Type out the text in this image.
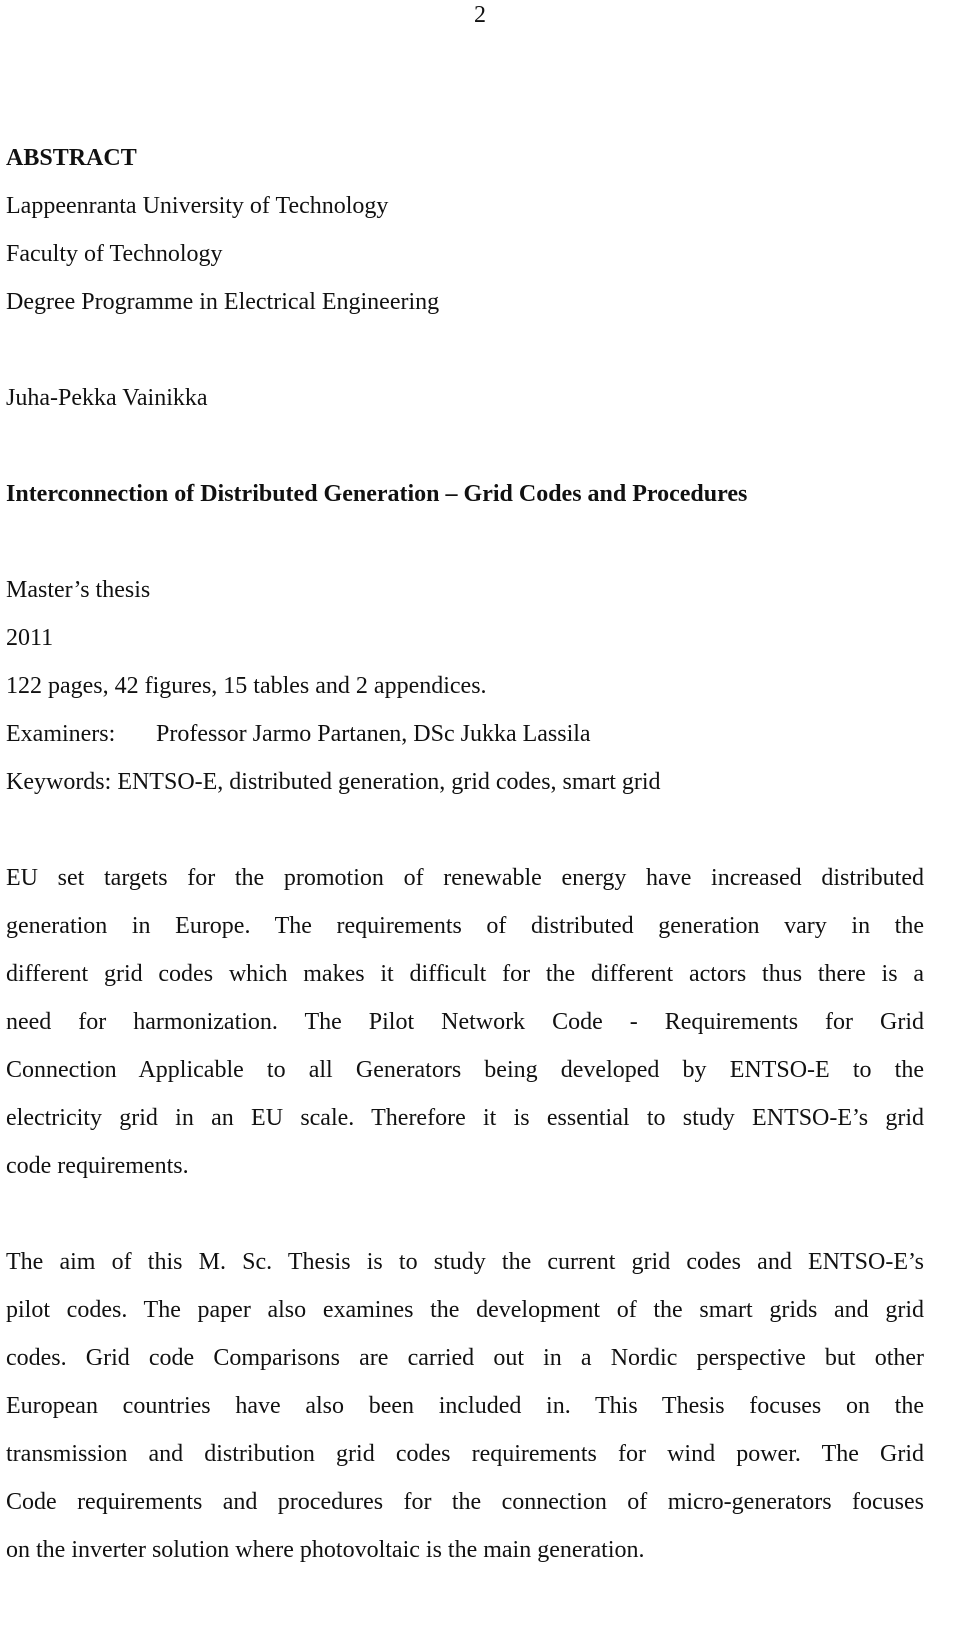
2
ABSTRACT
Lappeenranta University of Technology
Faculty of Technology
Degree Programme in Electrical Engineering
Juha-Pekka Vainikka
Interconnection of Distributed Generation – Grid Codes and Procedures
Master’s thesis
2011
122 pages, 42 figures, 15 tables and 2 appendices.
Examiners: Professor Jarmo Partanen, DSc Jukka Lassila
Keywords: ENTSO-E, distributed generation, grid codes, smart grid
EU set targets for the promotion of renewable energy have increased distributed
generation in Europe. The requirements of distributed generation vary in the
different grid codes which makes it difficult for the different actors thus there is a
need for harmonization. The Pilot Network Code - Requirements for Grid
Connection Applicable to all Generators being developed by ENTSO-E to the
electricity grid in an EU scale. Therefore it is essential to study ENTSO-E’s grid
code requirements.
The aim of this M. Sc. Thesis is to study the current grid codes and ENTSO-E’s
pilot codes. The paper also examines the development of the smart grids and grid
codes. Grid code Comparisons are carried out in a Nordic perspective but other
European countries have also been included in. This Thesis focuses on the
transmission and distribution grid codes requirements for wind power. The Grid
Code requirements and procedures for the connection of micro-generators focuses
on the inverter solution where photovoltaic is the main generation.
